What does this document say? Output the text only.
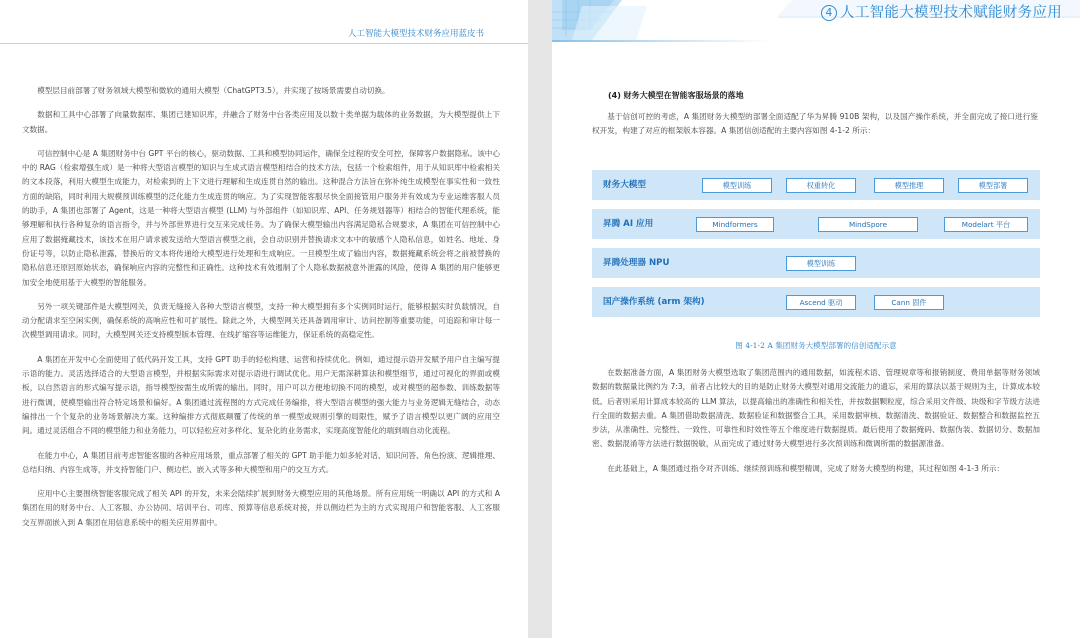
人工智能大模型技术财务应用蓝皮书

模型层目前部署了财务领域大模型和微软的通用大模型（ChatGPT3.5），并实现了按场景需要自动切换。

数据和工具中心部署了向量数据库、集团已建知识库，并融合了财务中台各类应用及以数十类单据为载体的业务数据，为大模型提供上下文数据。

可信控制中心是 A 集团财务中台 GPT 平台的核心，驱动数据、工具和模型协同运作，确保全过程的安全可控，保障客户数据隐私。该中心中的 RAG（检索增强生成）是一种将大型语言模型的知识与生成式语言模型相结合的技术方法，包括一个检索组件，用于从知识库中检索相关的文本段落，利用大模型生成能力，对检索到的上下文进行理解和生成连贯自然的输出。这种混合方法旨在弥补纯生成模型在事实性和一致性方面的缺陷，同时利用大规模预训练模型的泛化能力生成连贯的响应。为了实现智能客服尽快全面接管用户服务并有效成为专业运维客服人员的助手，A 集团也部署了 Agent，这是一种将大型语言模型 (LLM) 与外部组件（如知识库、API、任务规划器等）相结合的智能代理系统，能够理解和执行各种复杂的语言指令，并与外部世界进行交互来完成任务。为了确保大模型输出内容满足隐私合规要求，A 集团在可信控制中心应用了数据掩藏技术，该技术在用户请求被发送给大型语言模型之前，会自动识别并替换请求文本中的敏感个人隐私信息，如姓名、地址、身份证号等，以防止隐私泄露，替换后的文本将传递给大模型进行处理和生成响应。一旦模型生成了输出内容，数据掩藏系统会将之前被替换的隐私信息还原回原始状态，确保响应内容的完整性和正确性。这种技术有效遏制了个人隐私数据被意外泄露的风险，使得 A 集团的用户能够更加安全地使用基于大模型的智能服务。

另外一项关键部件是大模型网关，负责无缝接入各种大型语言模型，支持一种大模型拥有多个实例同时运行，能够根据实时负载情况，自动分配请求至空闲实例，确保系统的高响应性和可扩展性。除此之外，大模型网关还具备调用审计、访问控制等重要功能，可追踪和审计每一次模型调用请求。同时，大模型网关还支持模型版本管理、在线扩缩容等运维能力，保证系统的高稳定性。

A 集团在开发中心全面使用了低代码开发工具，支持 GPT 助手的轻松构建、运营和持续优化。例如，通过提示语开发赋予用户自主编写提示语的能力。灵活选择适合的大型语言模型，并根据实际需求对提示语进行调试优化。用户无需深耕算法和模型细节，通过可视化的界面或模板，以自然语言的形式编写提示语，指导模型按需生成所需的输出。同时，用户可以方便地切换不同的模型，或对模型的超参数、训练数据等进行微调，使模型输出符合特定场景和偏好。A 集团通过流程图的方式完成任务编排，将大型语言模型的强大能力与业务逻辑无缝结合，动态编排出一个个复杂的业务场景解决方案。这种编排方式彻底颠覆了传统的单一模型或规则引擎的局限性，赋予了语言模型以更广阔的应用空间。通过灵活组合不同的模型能力和业务能力，可以轻松应对多样化、复杂化的业务需求，实现高度智能化的端到端自动化流程。

在能力中心，A 集团目前考虑智能客服的各种应用场景，重点部署了相关的 GPT 助手能力如多轮对话、知识问答、角色扮演、逻辑推理、总结归纳、内容生成等，并支持智能门户、侧边栏、嵌入式等多种大模型和用户的交互方式。

应用中心主要围绕智能客服完成了相关 API 的开发，未来会陆续扩展到财务大模型应用的其他场景。所有应用统一明确以 API 的方式和 A 集团在用的财务中台、人工客服、办公协同、培训平台、司库、预算等信息系统对接，并以侧边栏为主的方式实现用户和智能客服、人工客服交互界面嵌入到 A 集团在用信息系统中的相关应用界面中。

4 人工智能大模型技术赋能财务应用
(4) 财务大模型在智能客服场景的落地

基于信创可控的考虑，A 集团财务大模型的部署全面适配了华为昇腾 910B 架构，以及国产操作系统，并全面完成了接口进行鉴权开发，构建了对应的框架版本容器。A 集团信创适配的主要内容如图 4-1-2 所示：

财务大模型	模型训练	权重转化	模型推理	模型部署
昇腾 AI 应用	Mindformers	MindSpore	Modelart 平台
昇腾处理器 NPU	模型训练
国产操作系统 (arm 架构)	Ascend 驱动	Cann 固件
图 4-1-2 A 集团财务大模型部署的信创适配示意

在数据准备方面，A 集团财务大模型选取了集团范围内的通用数据，如流程术语、管理规章等和报销制度、费用单据等财务领域数据的数据量比例约为 7:3，前者占比较大的目的是防止财务大模型对通用交流能力的遗忘，采用的算法以基于规则为主，计算成本较低。后者则采用计算成本较高的 LLM 算法，以提高输出的准确性和相关性，并按数据颗粒度，综合采用文件级、块级和字节级方法进行全面的数据去重。A 集团借助数据清洗、数据验证和数据整合工具，采用数据审核、数据清洗、数据验证、数据整合和数据监控五步法，从准确性、完整性、一致性、可靠性和时效性等五个维度进行数据提质。最后使用了数据掩码、数据伪装、数据切分、数据加密、数据混淆等方法进行数据脱敏，从而完成了通过财务大模型进行多次预训练和微调所需的数据源准备。

在此基础上，A 集团通过指令对齐训练、继续预训练和模型精调，完成了财务大模型的构建，其过程如图 4-1-3 所示：
